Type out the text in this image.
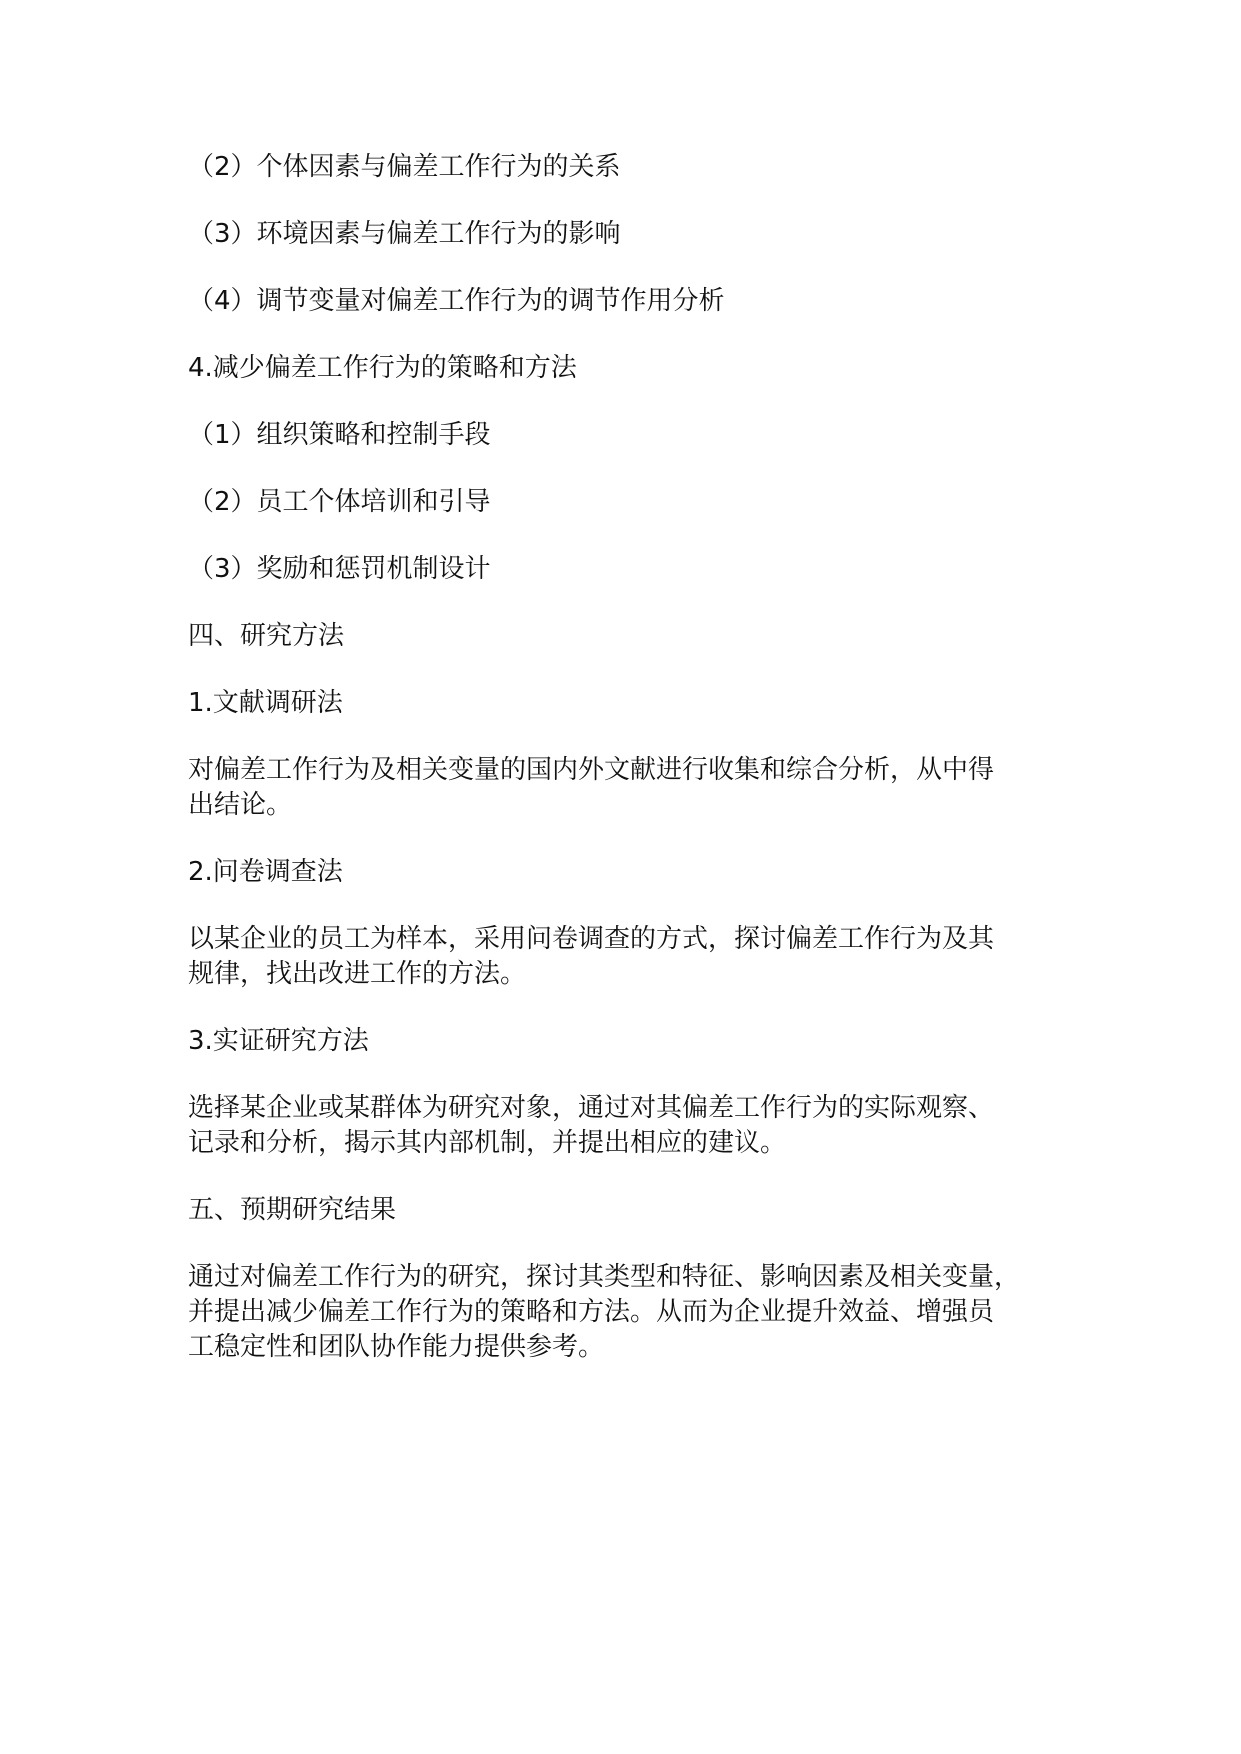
（2）个体因素与偏差工作行为的关系
（3）环境因素与偏差工作行为的影响
（4）调节变量对偏差工作行为的调节作用分析
4.减少偏差工作行为的策略和方法
（1）组织策略和控制手段
（2）员工个体培训和引导
（3）奖励和惩罚机制设计
四、研究方法
1.文献调研法
对偏差工作行为及相关变量的国内外文献进行收集和综合分析，从中得
出结论。
2.问卷调查法
以某企业的员工为样本，采用问卷调查的方式，探讨偏差工作行为及其
规律，找出改进工作的方法。
3.实证研究方法
选择某企业或某群体为研究对象，通过对其偏差工作行为的实际观察、
记录和分析，揭示其内部机制，并提出相应的建议。
五、预期研究结果
通过对偏差工作行为的研究，探讨其类型和特征、影响因素及相关变量，
并提出减少偏差工作行为的策略和方法。从而为企业提升效益、增强员
工稳定性和团队协作能力提供参考。
